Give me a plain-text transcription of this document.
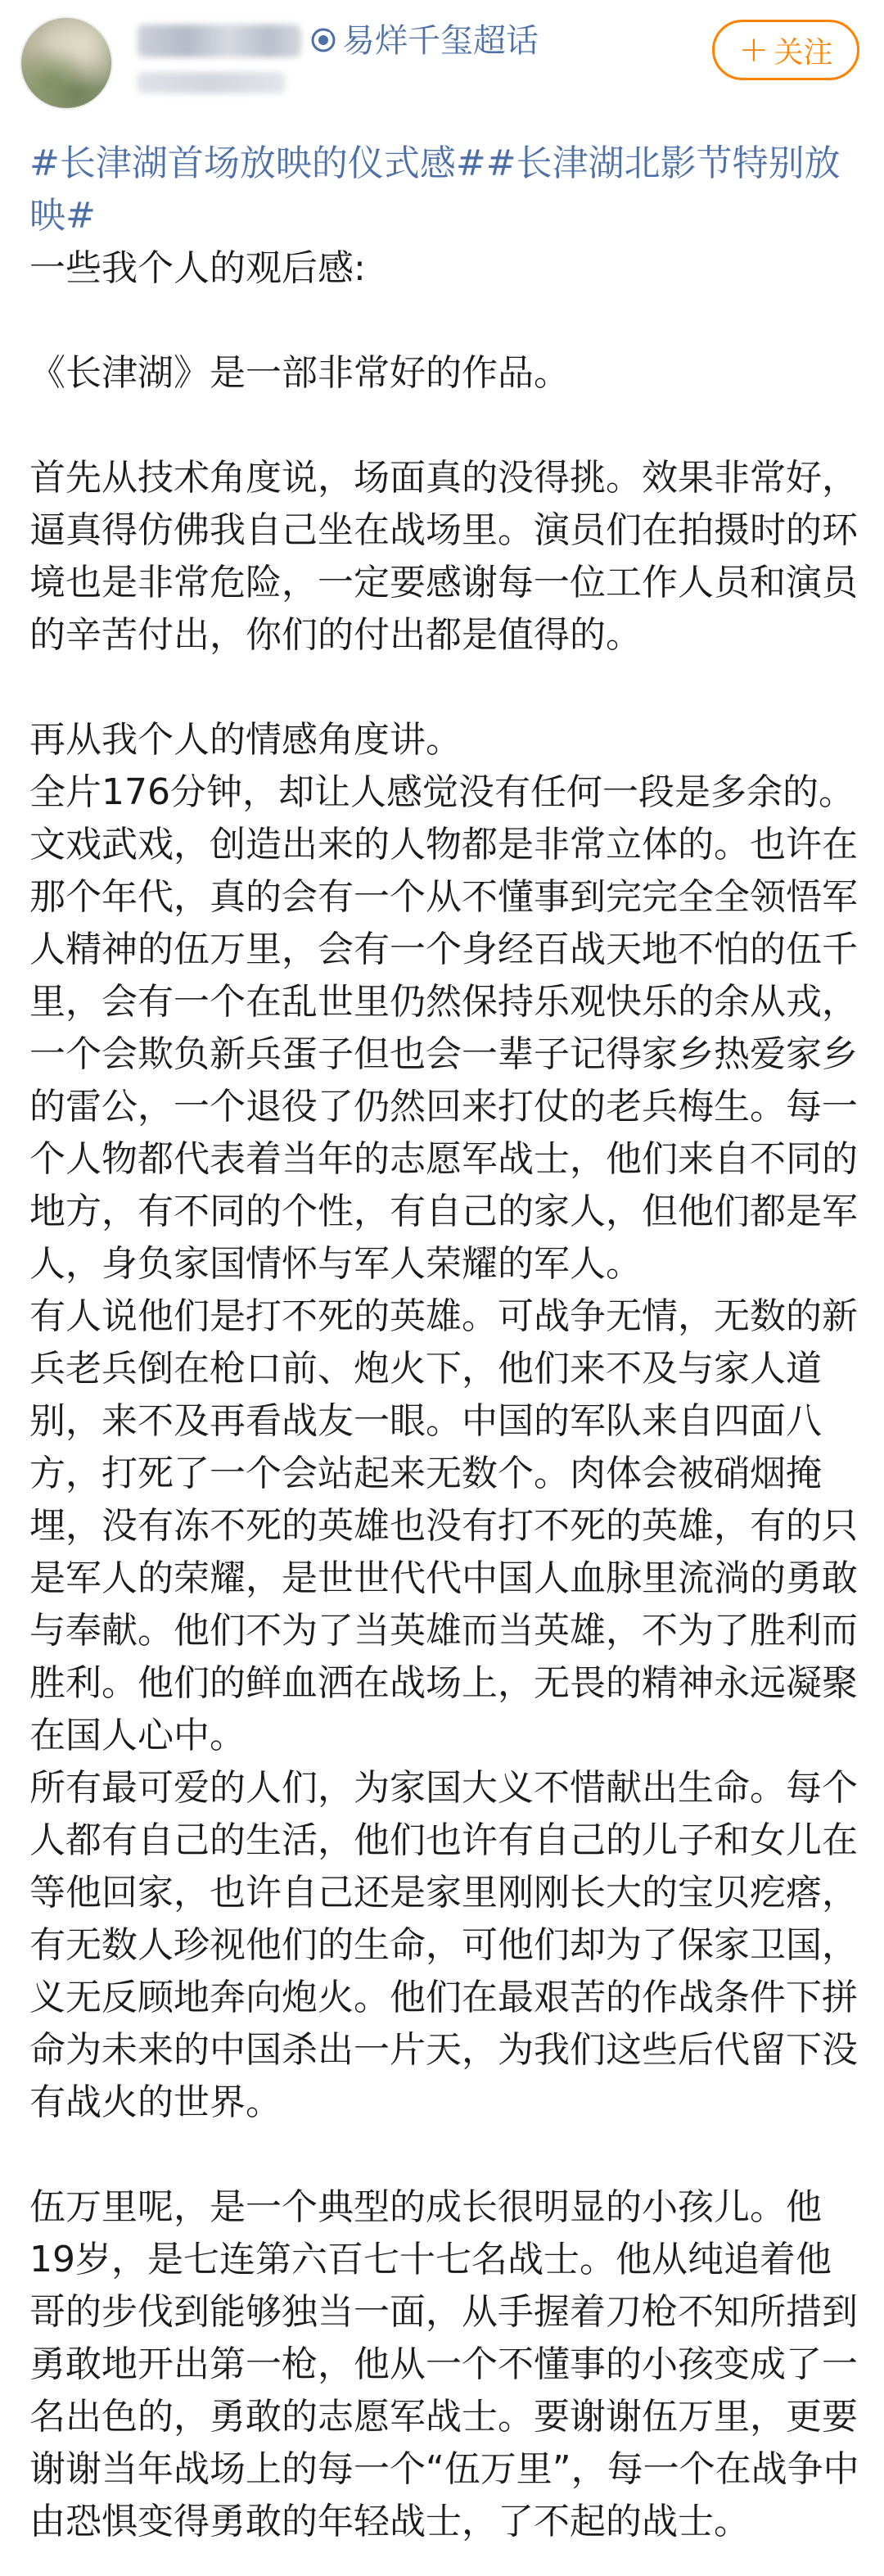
易烊千玺超话	+ 关注

#长津湖首场放映的仪式感##长津湖北影节特别放映#

一些我个人的观后感:

《长津湖》是一部非常好的作品。

首先从技术角度说，场面真的没得挑。效果非常好，逼真得仿佛我自己坐在战场里。演员们在拍摄时的环境也是非常危险，一定要感谢每一位工作人员和演员的辛苦付出，你们的付出都是值得的。

再从我个人的情感角度讲。

全片176分钟，却让人感觉没有任何一段是多余的。文戏武戏，创造出来的人物都是非常立体的。也许在那个年代，真的会有一个从不懂事到完完全全领悟军人精神的伍万里，会有一个身经百战天地不怕的伍千里，会有一个在乱世里仍然保持乐观快乐的余从戎，一个会欺负新兵蛋子但也会一辈子记得家乡热爱家乡的雷公，一个退役了仍然回来打仗的老兵梅生。每一个人物都代表着当年的志愿军战士，他们来自不同的地方，有不同的个性，有自己的家人，但他们都是军人，身负家国情怀与军人荣耀的军人。

有人说他们是打不死的英雄。可战争无情，无数的新兵老兵倒在枪口前、炮火下，他们来不及与家人道别，来不及再看战友一眼。中国的军队来自四面八方，打死了一个会站起来无数个。肉体会被硝烟掩埋，没有冻不死的英雄也没有打不死的英雄，有的只是军人的荣耀，是世世代代中国人血脉里流淌的勇敢与奉献。他们不为了当英雄而当英雄，不为了胜利而胜利。他们的鲜血洒在战场上，无畏的精神永远凝聚在国人心中。

所有最可爱的人们，为家国大义不惜献出生命。每个人都有自己的生活，他们也许有自己的儿子和女儿在等他回家，也许自己还是家里刚刚长大的宝贝疙瘩，有无数人珍视他们的生命，可他们却为了保家卫国，义无反顾地奔向炮火。他们在最艰苦的作战条件下拼命为未来的中国杀出一片天，为我们这些后代留下没有战火的世界。

伍万里呢，是一个典型的成长很明显的小孩儿。他19岁，是七连第六百七十七名战士。他从纯追着他哥的步伐到能够独当一面，从手握着刀枪不知所措到勇敢地开出第一枪，他从一个不懂事的小孩变成了一名出色的，勇敢的志愿军战士。要谢谢伍万里，更要谢谢当年战场上的每一个“伍万里”，每一个在战争中由恐惧变得勇敢的年轻战士，了不起的战士。
